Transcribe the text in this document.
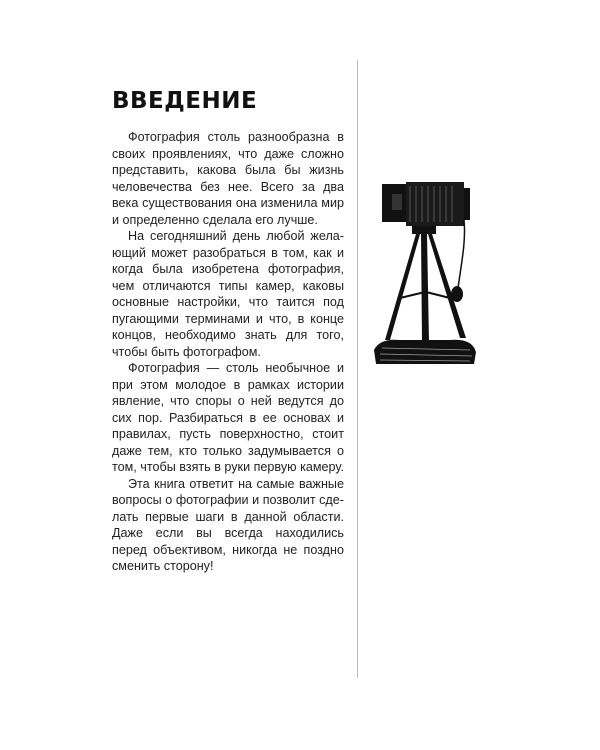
ВВЕДЕНИЕ

Фотография столь разнообразна в своих проявлениях, что даже сложно представить, какова была бы жизнь человечества без нее. Всего за два века существования она изменила мир и определенно сделала его лучше.

На сегодняшний день любой желающий может разобраться в том, как и когда была изобретена фотография, чем отличаются типы камер, каковы основные настройки, что таится под пугающими терминами и что, в конце концов, необходимо знать для того, чтобы быть фотографом.

Фотография — столь необычное и при этом молодое в рамках истории явление, что споры о ней ведутся до сих пор. Разбираться в ее основах и правилах, пусть поверхностно, стоит даже тем, кто только задумывается о том, чтобы взять в руки первую камеру.

Эта книга ответит на самые важные вопросы о фотографии и позволит сделать первые шаги в данной области. Даже если вы всегда находились перед объективом, никогда не поздно сменить сторону!
